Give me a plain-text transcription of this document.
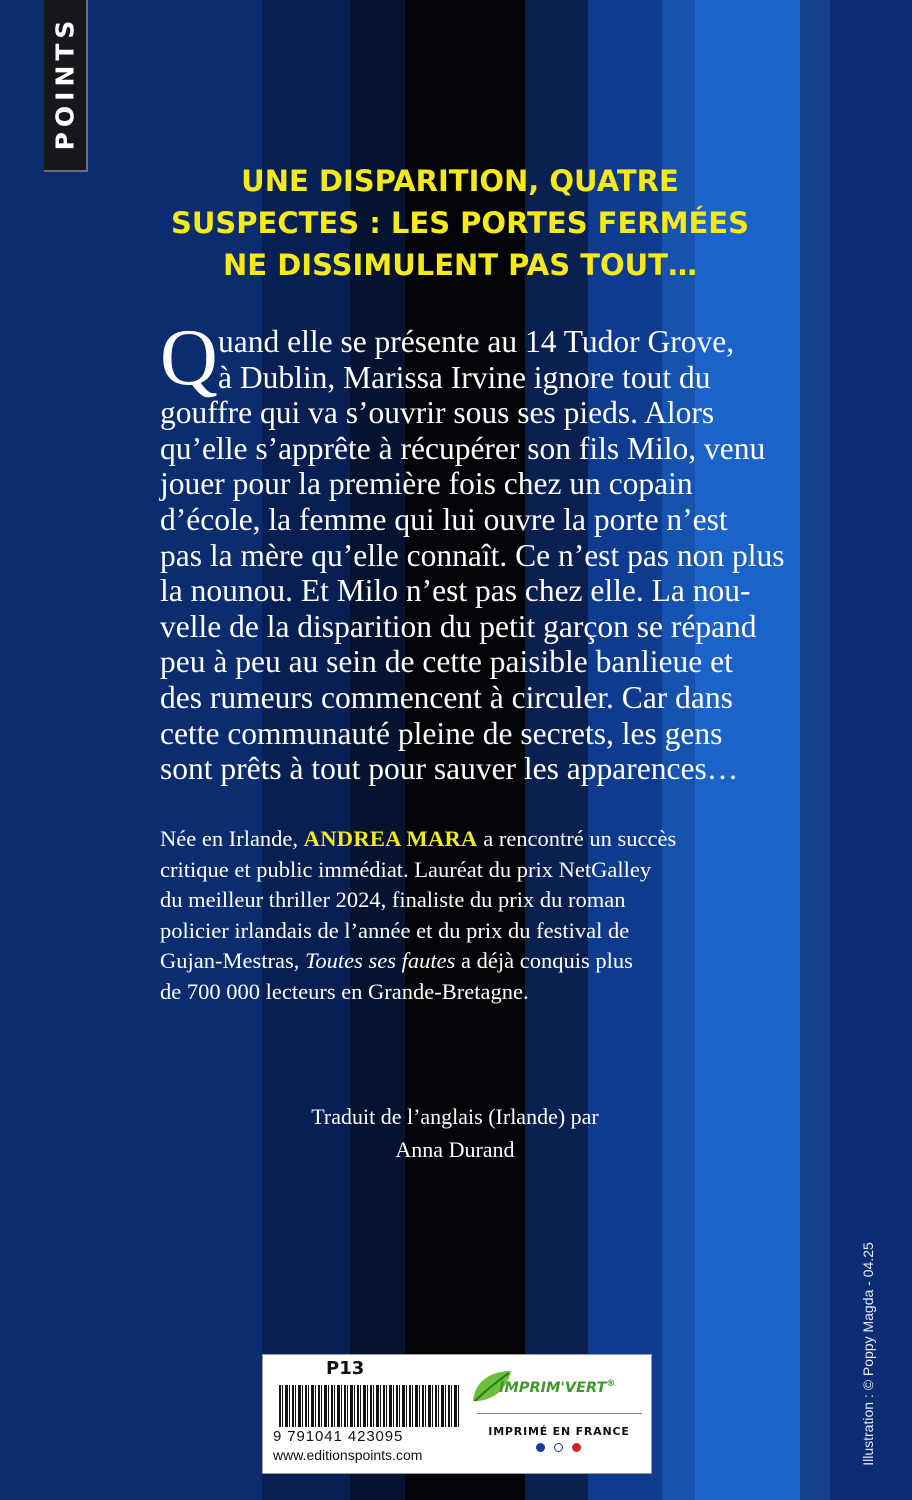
POINTS
UNE DISPARITION, QUATRE
SUSPECTES : LES PORTES FERMÉES
NE DISSIMULENT PAS TOUT…
Q uand elle se présente au 14 Tudor Grove,
à Dublin, Marissa Irvine ignore tout du
gouffre qui va s’ouvrir sous ses pieds. Alors
qu’elle s’apprête à récupérer son fils Milo, venu
jouer pour la première fois chez un copain
d’école, la femme qui lui ouvre la porte n’est
pas la mère qu’elle connaît. Ce n’est pas non plus
la nounou. Et Milo n’est pas chez elle. La nou-
velle de la disparition du petit garçon se répand
peu à peu au sein de cette paisible banlieue et
des rumeurs commencent à circuler. Car dans
cette communauté pleine de secrets, les gens
sont prêts à tout pour sauver les apparences…
Née en Irlande, ANDREA MARA a rencontré un succès
critique et public immédiat. Lauréat du prix NetGalley
du meilleur thriller 2024, finaliste du prix du roman
policier irlandais de l’année et du prix du festival de
Gujan-Mestras, Toutes ses fautes a déjà conquis plus
de 700 000 lecteurs en Grande-Bretagne.
Traduit de l’anglais (Irlande) par
Anna Durand
Illustration : © Poppy Magda - 04.25
P13
9 791041 423095
www.editionspoints.com
IMPRIM'VERT®
IMPRIMÉ EN FRANCE
